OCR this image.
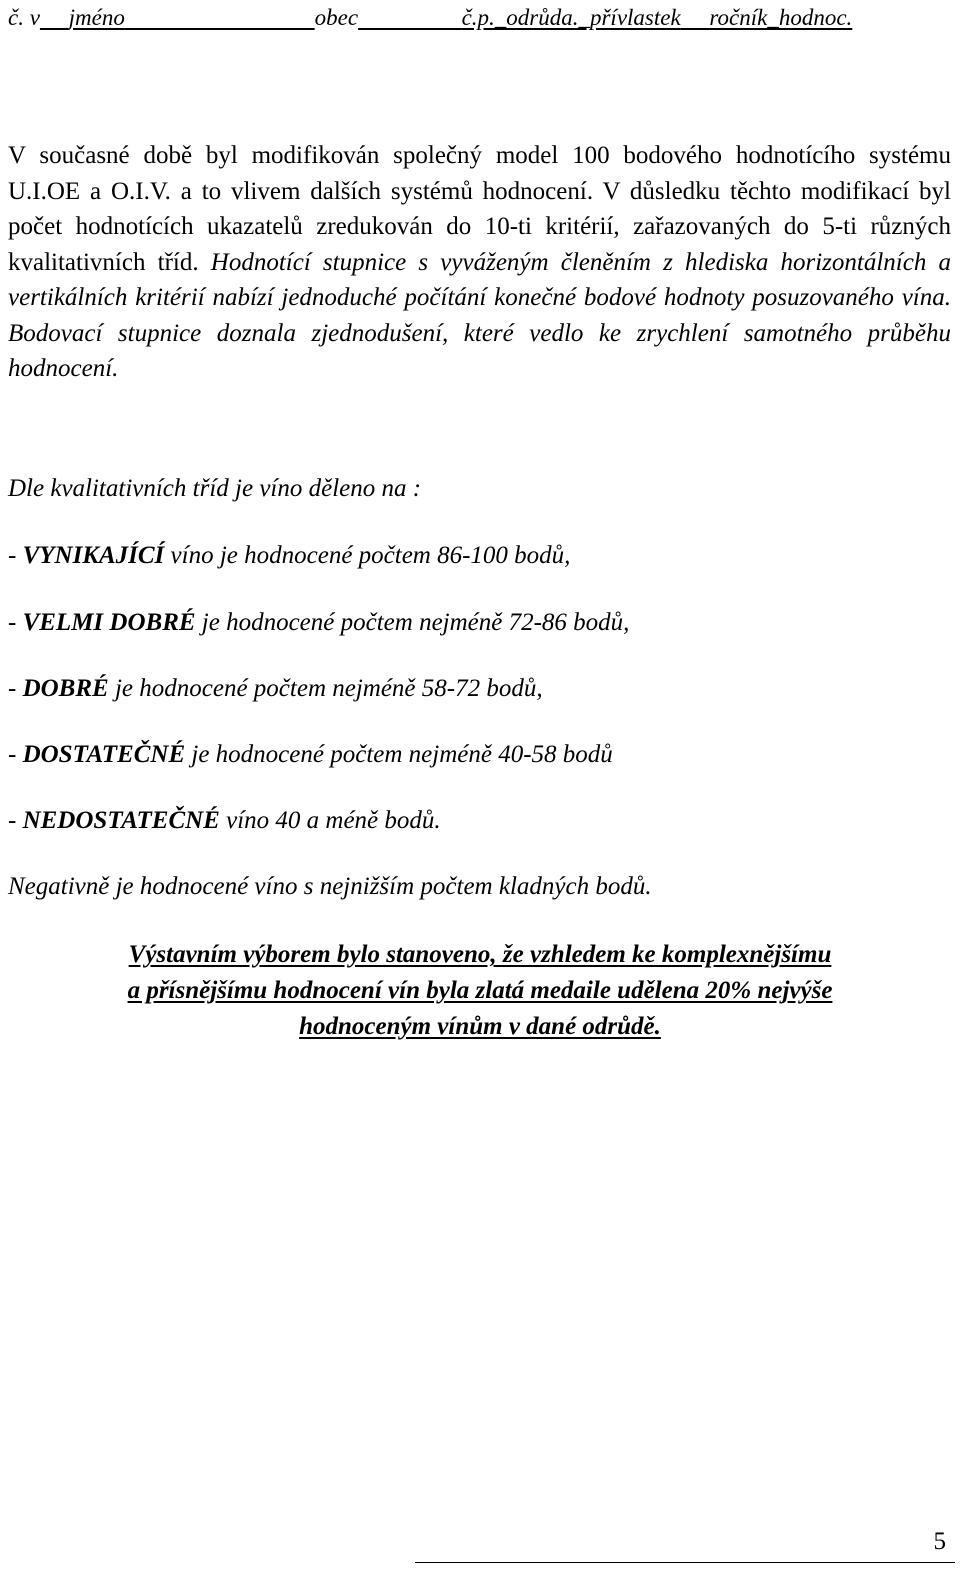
č. v jméno	obec	č.p._odrůda._přívlastek ročník_hodnoc.
V současné době byl modifikován společný model 100 bodového hodnotícího systému U.I.OE a O.I.V. a to vlivem dalších systémů hodnocení. V důsledku těchto modifikací byl počet hodnotících ukazatelů zredukován do 10-ti kritérií, zařazovaných do 5-ti různých kvalitativních tříd. Hodnotící stupnice s vyváženým členěním z hlediska horizontálních a vertikálních kritérií nabízí jednoduché počítání konečné bodové hodnoty posuzovaného vína. Bodovací stupnice doznala zjednodušení, které vedlo ke zrychlení samotného průběhu hodnocení.
Dle kvalitativních tříd je víno děleno na :
- VYNIKAJÍCÍ víno je hodnocené počtem 86-100 bodů,
- VELMI DOBRÉ je hodnocené počtem nejméně 72-86 bodů,
- DOBRÉ je hodnocené počtem nejméně 58-72 bodů,
- DOSTATEČNÉ je hodnocené počtem nejméně 40-58 bodů
- NEDOSTATEČNÉ víno 40 a méně bodů.
Negativně je hodnocené víno s nejnižším počtem kladných bodů.
Výstavním výborem bylo stanoveno, že vzhledem ke komplexnějšímu
a přísnějšímu hodnocení vín byla zlatá medaile udělena 20% nejvýše
hodnoceným vínům v dané odrůdě.
5
